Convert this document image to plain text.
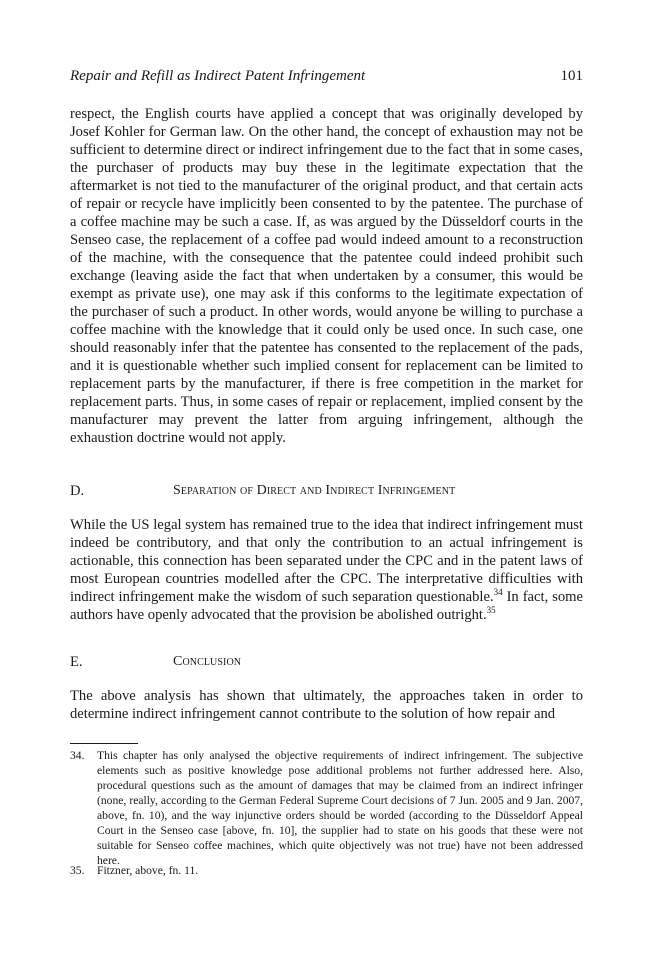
Repair and Refill as Indirect Patent Infringement	101

respect, the English courts have applied a concept that was originally developed by Josef Kohler for German law. On the other hand, the concept of exhaustion may not be sufficient to determine direct or indirect infringement due to the fact that in some cases, the purchaser of products may buy these in the legitimate expectation that the aftermarket is not tied to the manufacturer of the original product, and that certain acts of repair or recycle have implicitly been consented to by the patentee. The purchase of a coffee machine may be such a case. If, as was argued by the Düsseldorf courts in the Senseo case, the replacement of a coffee pad would indeed amount to a reconstruction of the machine, with the consequence that the patentee could indeed prohibit such exchange (leaving aside the fact that when undertaken by a consumer, this would be exempt as private use), one may ask if this conforms to the legitimate expectation of the purchaser of such a product. In other words, would anyone be willing to purchase a coffee machine with the knowledge that it could only be used once. In such case, one should reasonably infer that the patentee has consented to the replacement of the pads, and it is questionable whether such implied consent for replacement can be limited to replacement parts by the manufacturer, if there is free competition in the market for replacement parts. Thus, in some cases of repair or replacement, implied consent by the manufacturer may prevent the latter from arguing infringement, although the exhaustion doctrine would not apply.

D.	Separation of Direct and Indirect Infringement

While the US legal system has remained true to the idea that indirect infringement must indeed be contributory, and that only the contribution to an actual infringement is actionable, this connection has been separated under the CPC and in the patent laws of most European countries modelled after the CPC. The interpretative difficulties with indirect infringement make the wisdom of such separation questionable.$^{34}$ In fact, some authors have openly advocated that the provision be abolished outright.$^{35}$

E.	Conclusion

The above analysis has shown that ultimately, the approaches taken in order to determine indirect infringement cannot contribute to the solution of how repair and

34. This chapter has only analysed the objective requirements of indirect infringement. The subjective elements such as positive knowledge pose additional problems not further addressed here. Also, procedural questions such as the amount of damages that may be claimed from an indirect infringer (none, really, according to the German Federal Supreme Court decisions of 7 Jun. 2005 and 9 Jan. 2007, above, fn. 10), and the way injunctive orders should be worded (according to the Düsseldorf Appeal Court in the Senseo case [above, fn. 10], the supplier had to state on his goods that these were not suitable for Senseo coffee machines, which quite objectively was not true) have not been addressed here.
35. Fitzner, above, fn. 11.
